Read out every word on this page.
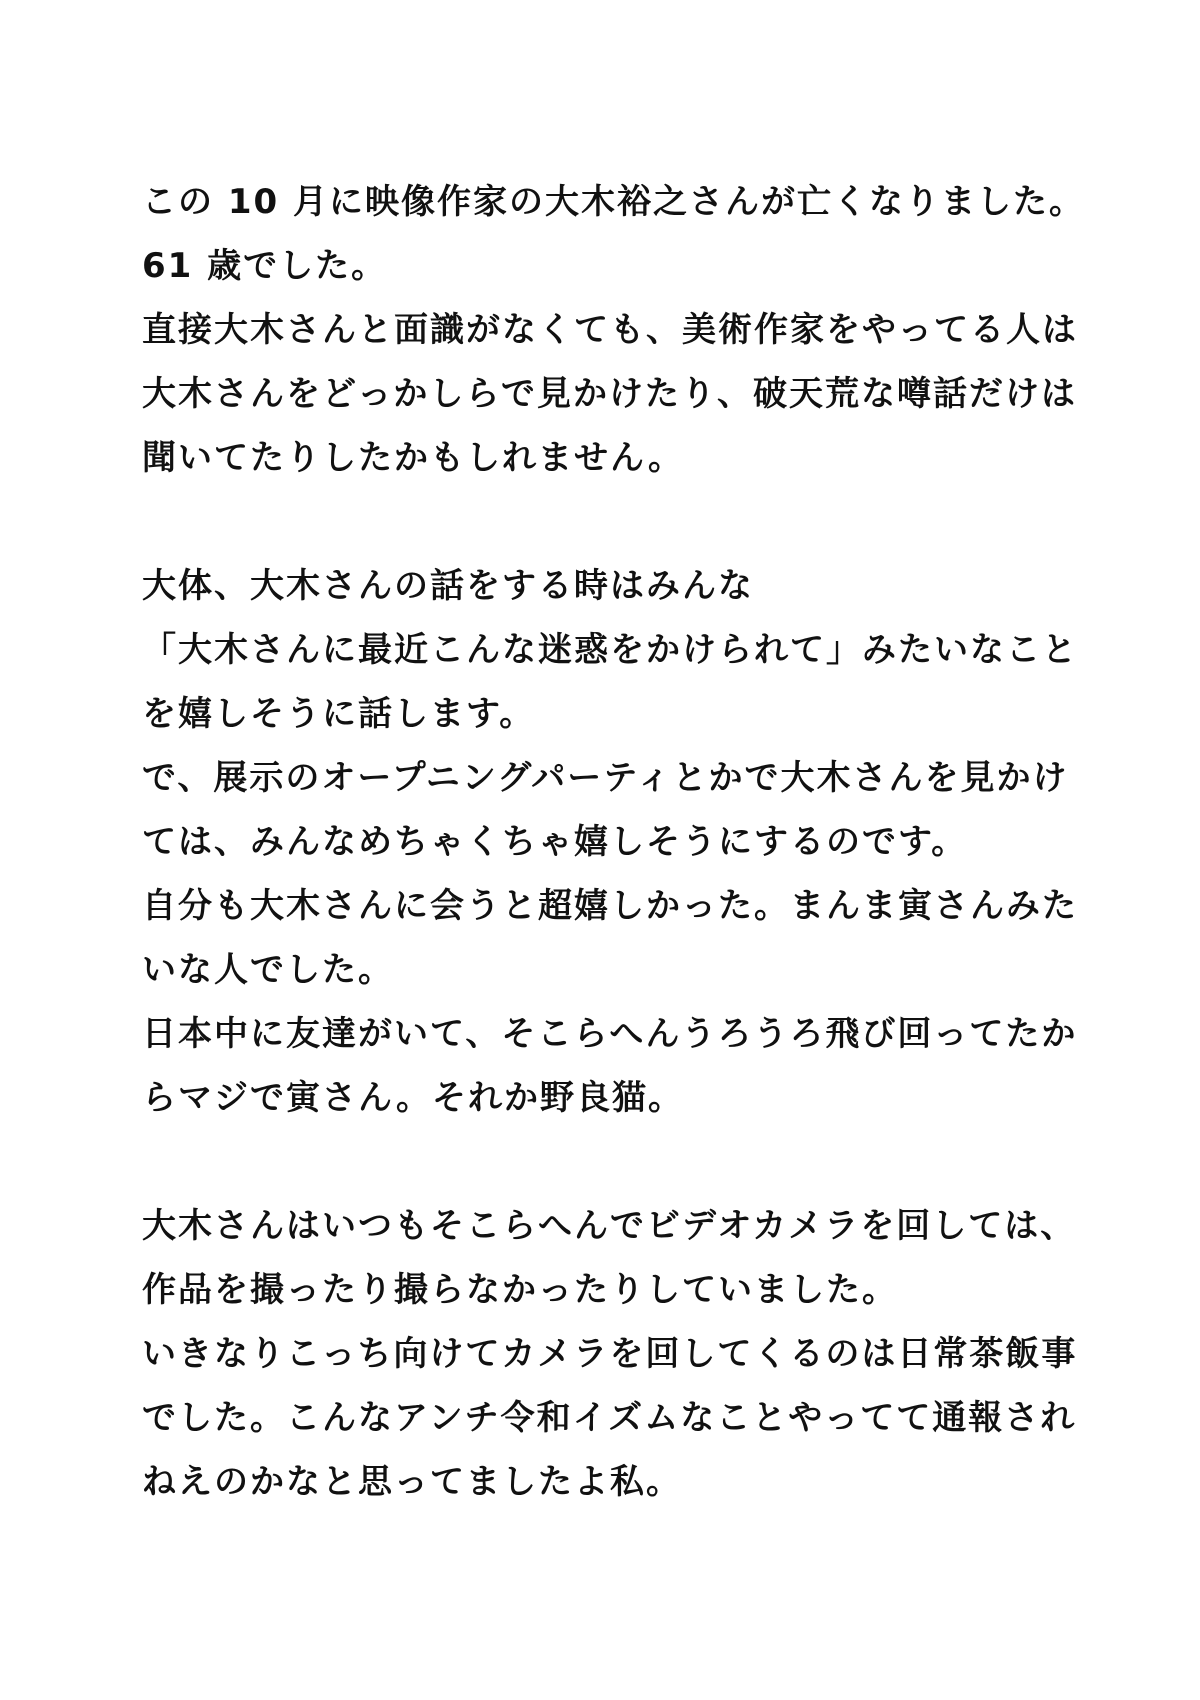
この 10 月に映像作家の大木裕之さんが亡くなりました。
61 歳でした。
直接大木さんと面識がなくても、美術作家をやってる人は
大木さんをどっかしらで見かけたり、破天荒な噂話だけは
聞いてたりしたかもしれません。
大体、大木さんの話をする時はみんな
「大木さんに最近こんな迷惑をかけられて」みたいなこと
を嬉しそうに話します。
で、展示のオープニングパーティとかで大木さんを見かけ
ては、みんなめちゃくちゃ嬉しそうにするのです。
自分も大木さんに会うと超嬉しかった。まんま寅さんみた
いな人でした。
日本中に友達がいて、そこらへんうろうろ飛び回ってたか
らマジで寅さん。それか野良猫。
大木さんはいつもそこらへんでビデオカメラを回しては、
作品を撮ったり撮らなかったりしていました。
いきなりこっち向けてカメラを回してくるのは日常茶飯事
でした。こんなアンチ令和イズムなことやってて通報され
ねえのかなと思ってましたよ私。
